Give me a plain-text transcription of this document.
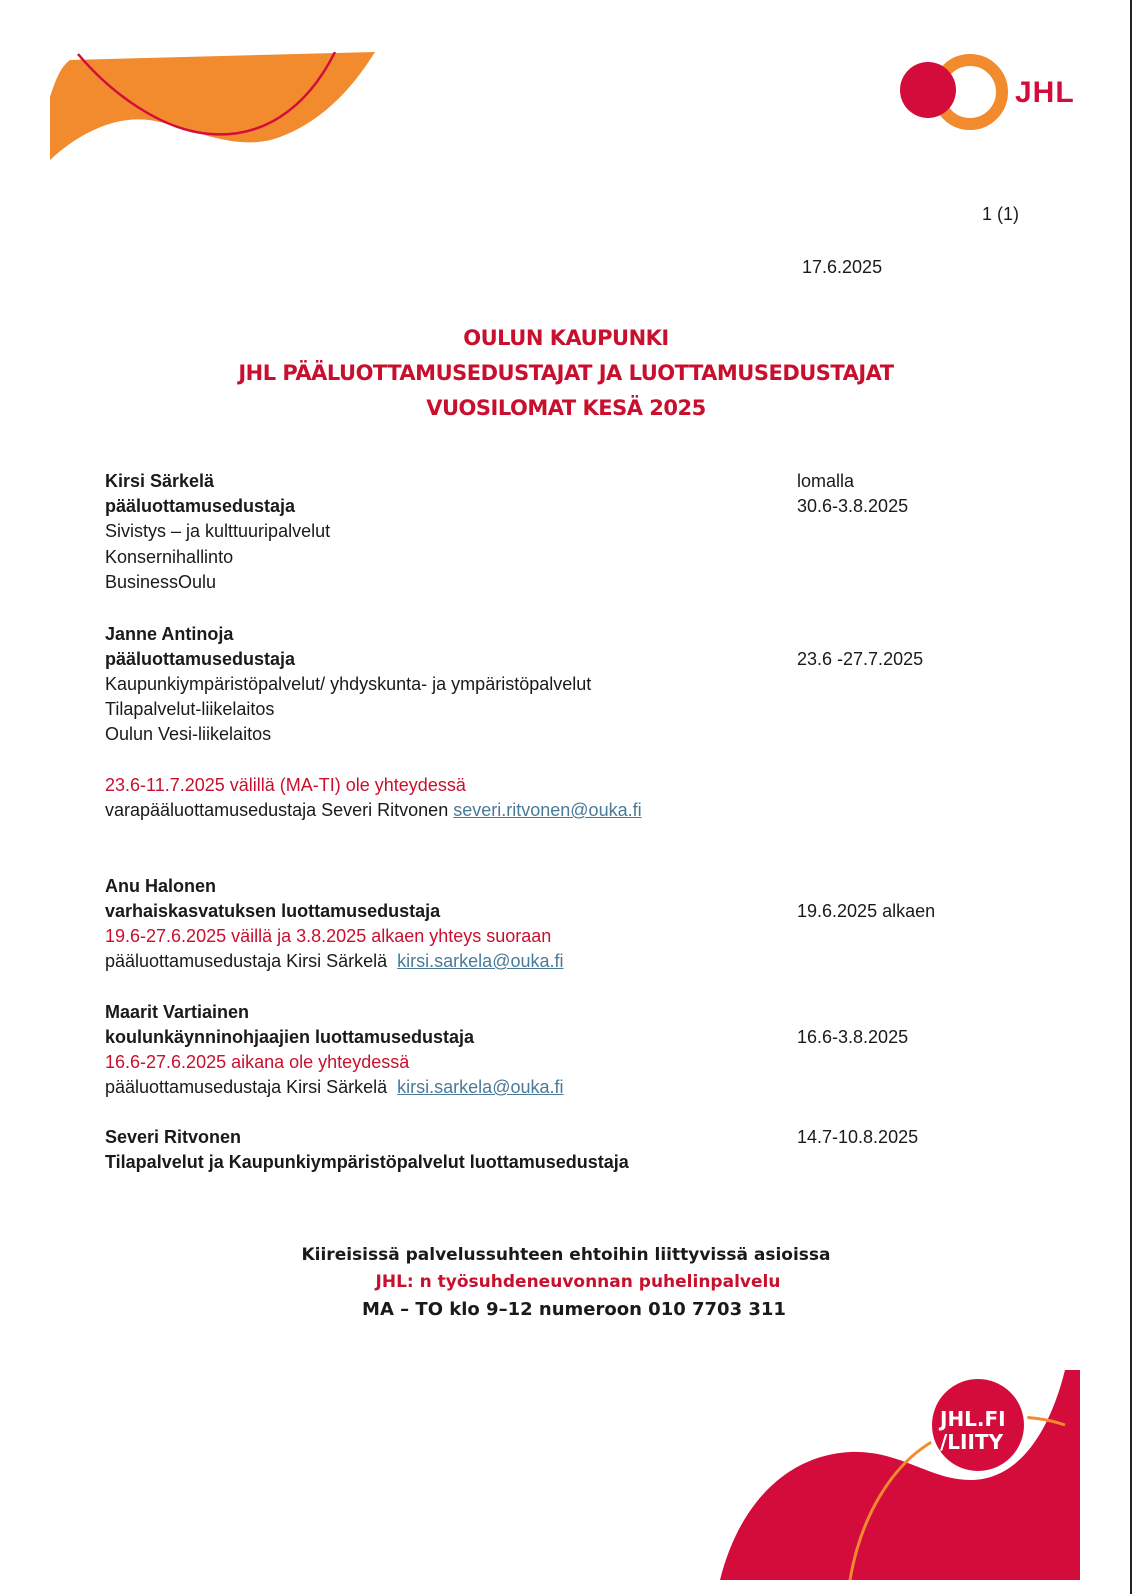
JHL
1 (1)
17.6.2025
OULUN KAUPUNKI
JHL PÄÄLUOTTAMUSEDUSTAJAT JA LUOTTAMUSEDUSTAJAT
VUOSILOMAT KESÄ 2025
Kirsi Särkelä	lomalla
pääluottamusedustaja	30.6-3.8.2025
Sivistys – ja kulttuuripalvelut
Konsernihallinto
BusinessOulu
Janne Antinoja
pääluottamusedustaja	23.6 -27.7.2025
Kaupunkiympäristöpalvelut/ yhdyskunta- ja ympäristöpalvelut
Tilapalvelut-liikelaitos
Oulun Vesi-liikelaitos
23.6-11.7.2025 välillä (MA-TI) ole yhteydessä
varapääluottamusedustaja Severi Ritvonen severi.ritvonen@ouka.fi
Anu Halonen
varhaiskasvatuksen luottamusedustaja	19.6.2025 alkaen
19.6-27.6.2025 väillä ja 3.8.2025 alkaen yhteys suoraan
pääluottamusedustaja Kirsi Särkelä kirsi.sarkela@ouka.fi
Maarit Vartiainen
koulunkäynninohjaajien luottamusedustaja	16.6-3.8.2025
16.6-27.6.2025 aikana ole yhteydessä
pääluottamusedustaja Kirsi Särkelä kirsi.sarkela@ouka.fi
Severi Ritvonen	14.7-10.8.2025
Tilapalvelut ja Kaupunkiympäristöpalvelut luottamusedustaja
Kiireisissä palvelussuhteen ehtoihin liittyvissä asioissa
JHL: n työsuhdeneuvonnan puhelinpalvelu
MA – TO klo 9–12 numeroon 010 7703 311
JHL.FI
/LIITY
